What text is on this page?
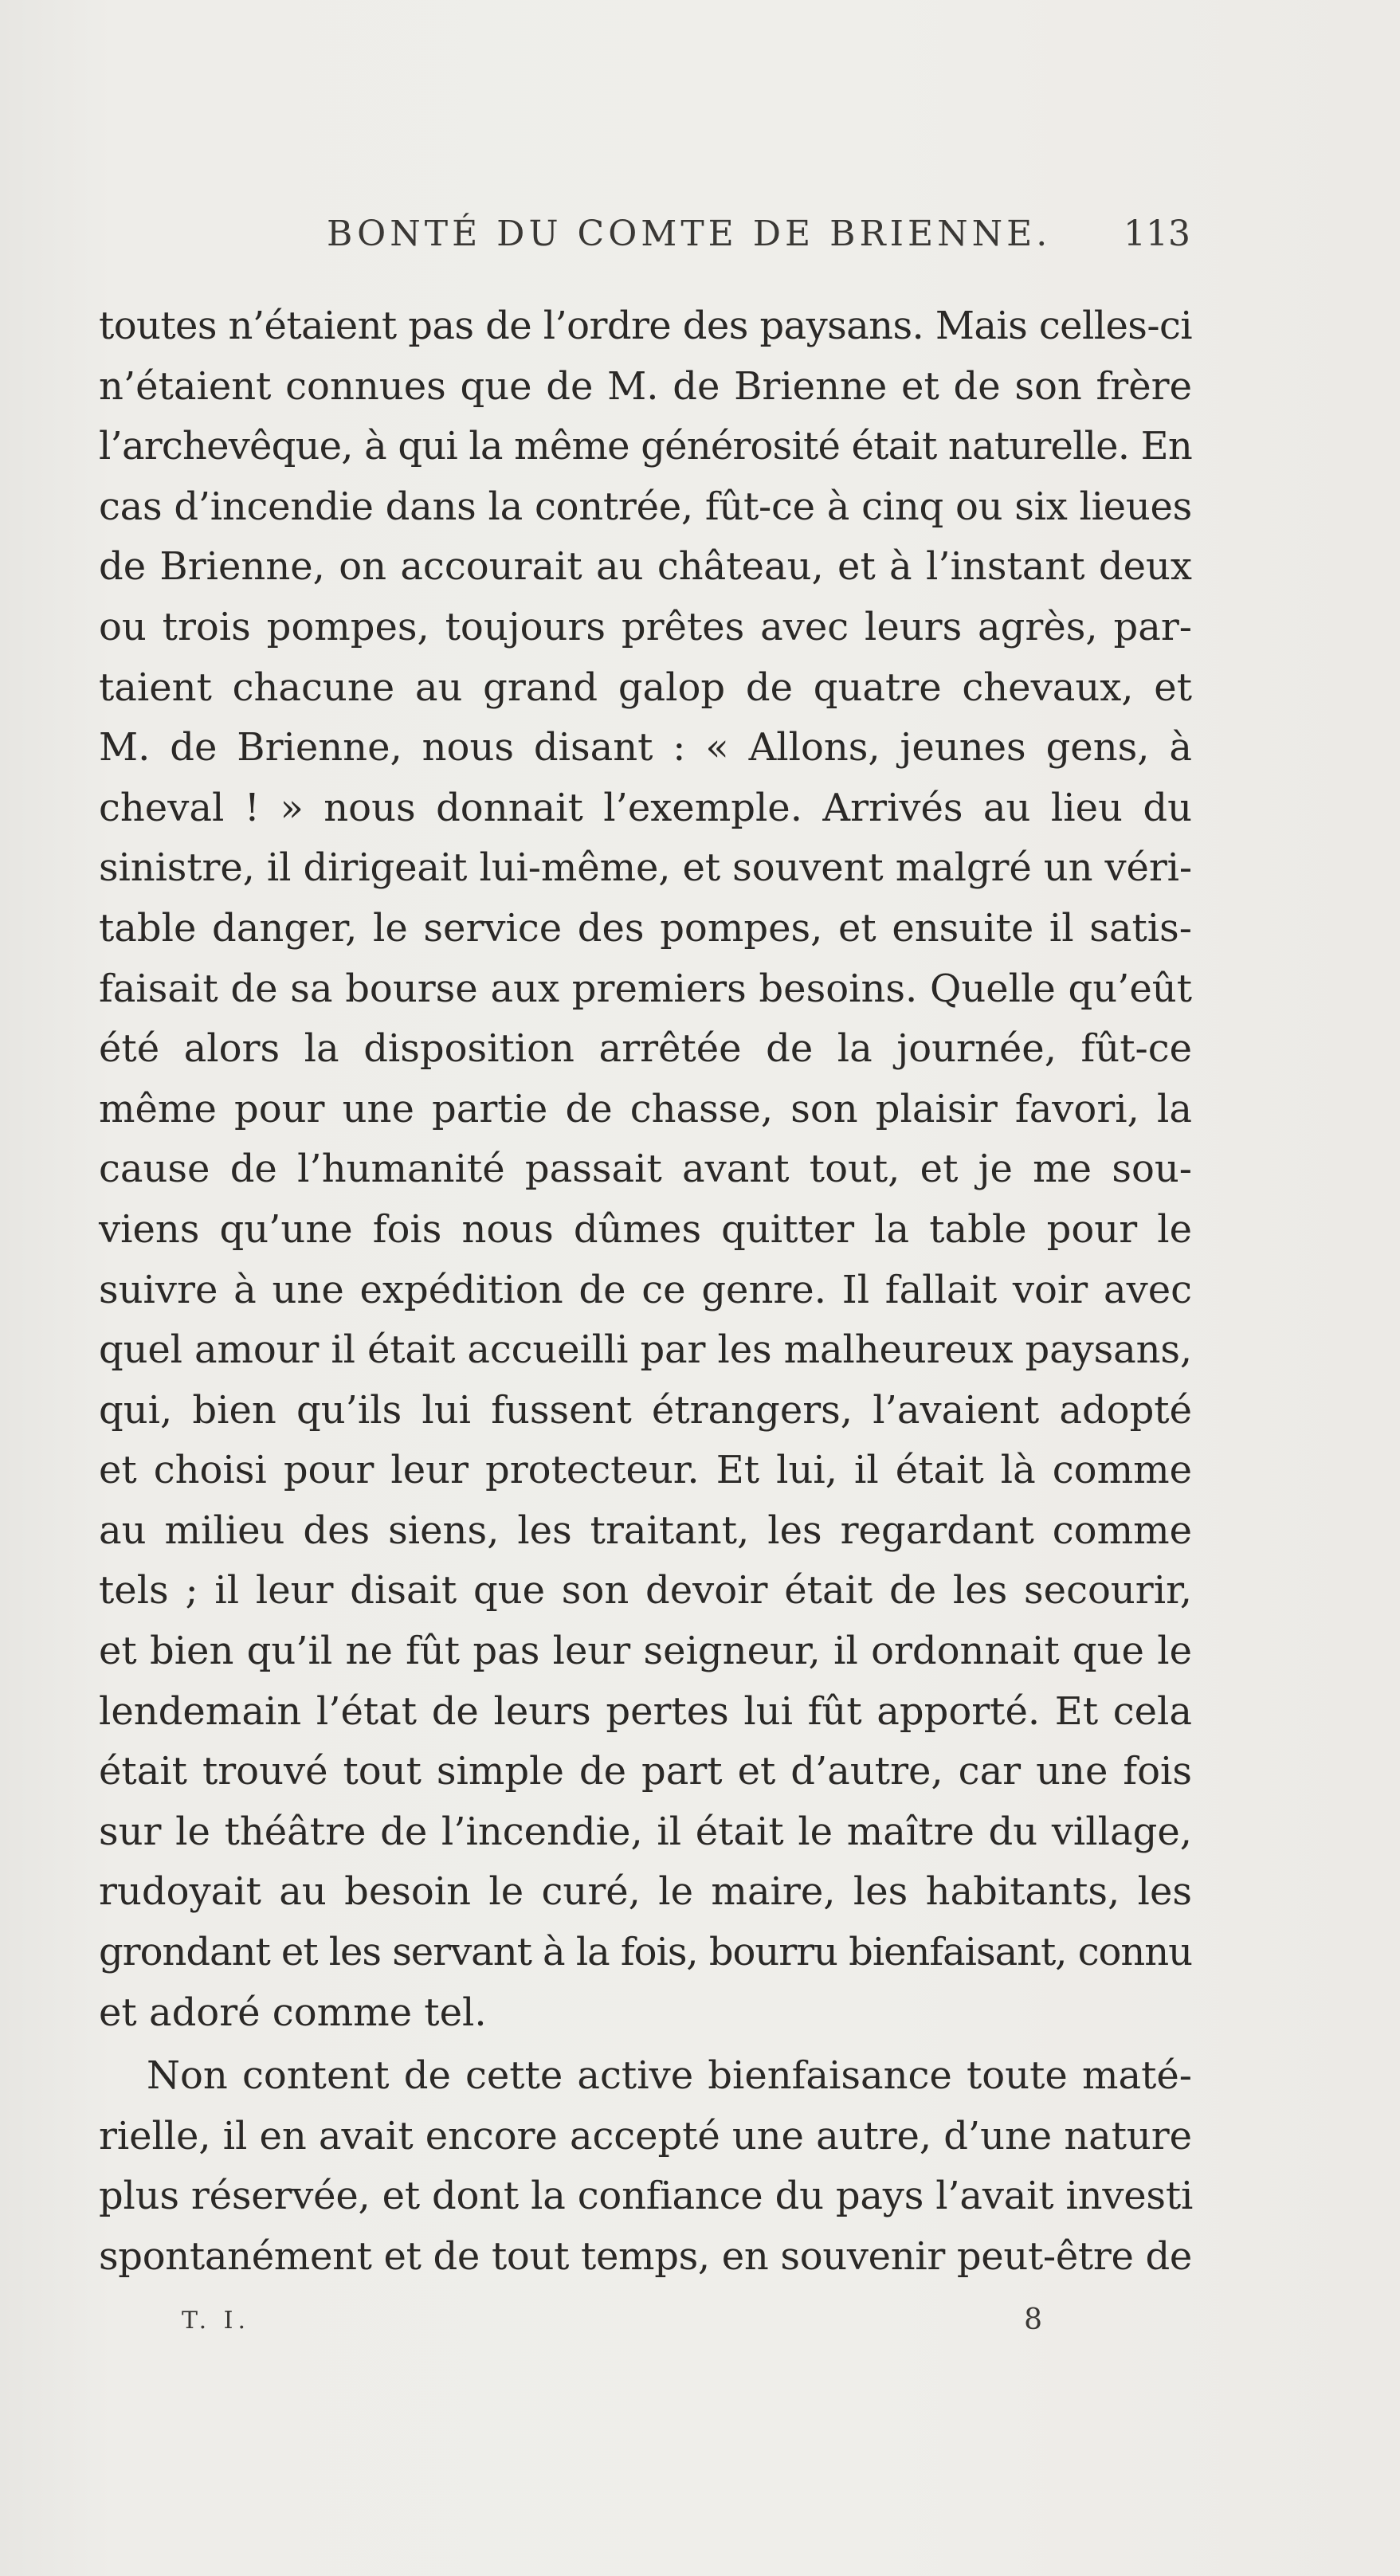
BONTÉ DU COMTE DE BRIENNE. 113
toutes n’étaient pas de l’ordre des paysans. Mais celles-ci
n’étaient connues que de M. de Brienne et de son frère
l’archevêque, à qui la même générosité était naturelle. En
cas d’incendie dans la contrée, fût-ce à cinq ou six lieues
de Brienne, on accourait au château, et à l’instant deux
ou trois pompes, toujours prêtes avec leurs agrès, par-
taient chacune au grand galop de quatre chevaux, et
M. de Brienne, nous disant : « Allons, jeunes gens, à
cheval ! » nous donnait l’exemple. Arrivés au lieu du
sinistre, il dirigeait lui-même, et souvent malgré un véri-
table danger, le service des pompes, et ensuite il satis-
faisait de sa bourse aux premiers besoins. Quelle qu’eût
été alors la disposition arrêtée de la journée, fût-ce
même pour une partie de chasse, son plaisir favori, la
cause de l’humanité passait avant tout, et je me sou-
viens qu’une fois nous dûmes quitter la table pour le
suivre à une expédition de ce genre. Il fallait voir avec
quel amour il était accueilli par les malheureux paysans,
qui, bien qu’ils lui fussent étrangers, l’avaient adopté
et choisi pour leur protecteur. Et lui, il était là comme
au milieu des siens, les traitant, les regardant comme
tels ; il leur disait que son devoir était de les secourir,
et bien qu’il ne fût pas leur seigneur, il ordonnait que le
lendemain l’état de leurs pertes lui fût apporté. Et cela
était trouvé tout simple de part et d’autre, car une fois
sur le théâtre de l’incendie, il était le maître du village,
rudoyait au besoin le curé, le maire, les habitants, les
grondant et les servant à la fois, bourru bienfaisant, connu
et adoré comme tel.
Non content de cette active bienfaisance toute maté-
rielle, il en avait encore accepté une autre, d’une nature
plus réservée, et dont la confiance du pays l’avait investi
spontanément et de tout temps, en souvenir peut-être de
T. I.	8
